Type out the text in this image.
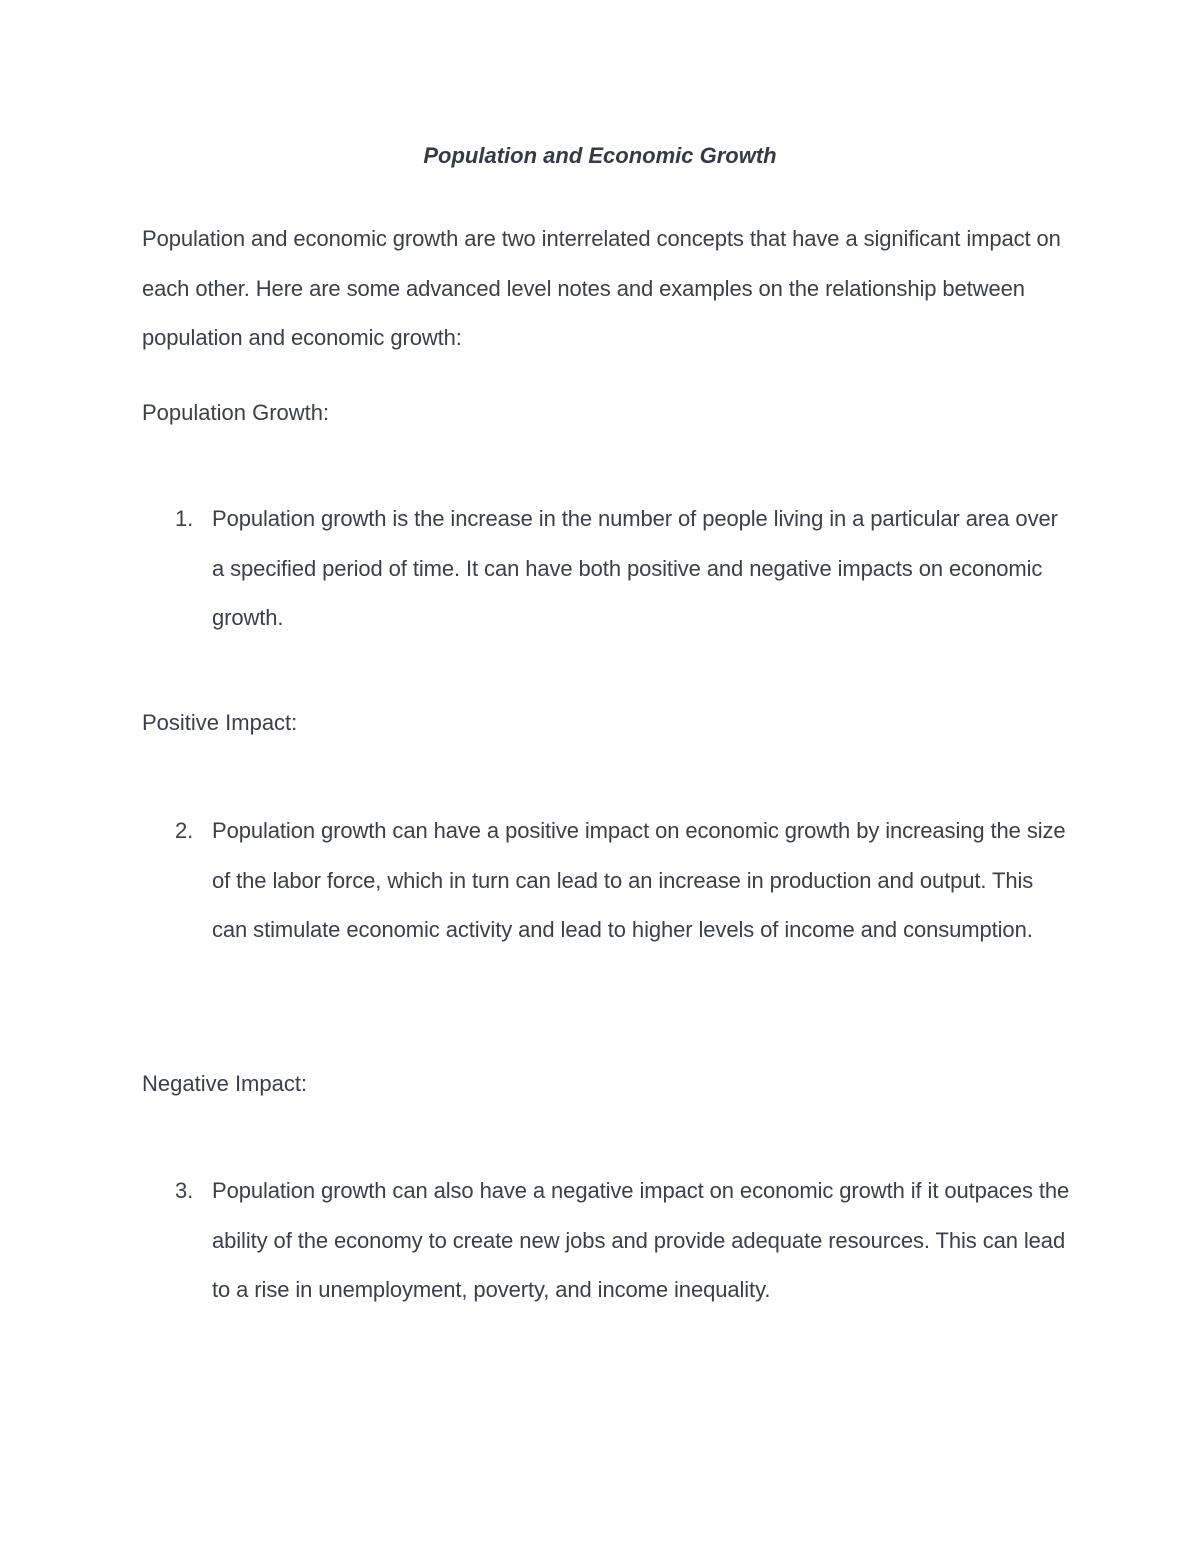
Population and Economic Growth

Population and economic growth are two interrelated concepts that have a significant impact on each other. Here are some advanced level notes and examples on the relationship between population and economic growth:

Population Growth:

1. Population growth is the increase in the number of people living in a particular area over a specified period of time. It can have both positive and negative impacts on economic growth.

Positive Impact:

2. Population growth can have a positive impact on economic growth by increasing the size of the labor force, which in turn can lead to an increase in production and output. This can stimulate economic activity and lead to higher levels of income and consumption.

Negative Impact:

3. Population growth can also have a negative impact on economic growth if it outpaces the ability of the economy to create new jobs and provide adequate resources. This can lead to a rise in unemployment, poverty, and income inequality.
